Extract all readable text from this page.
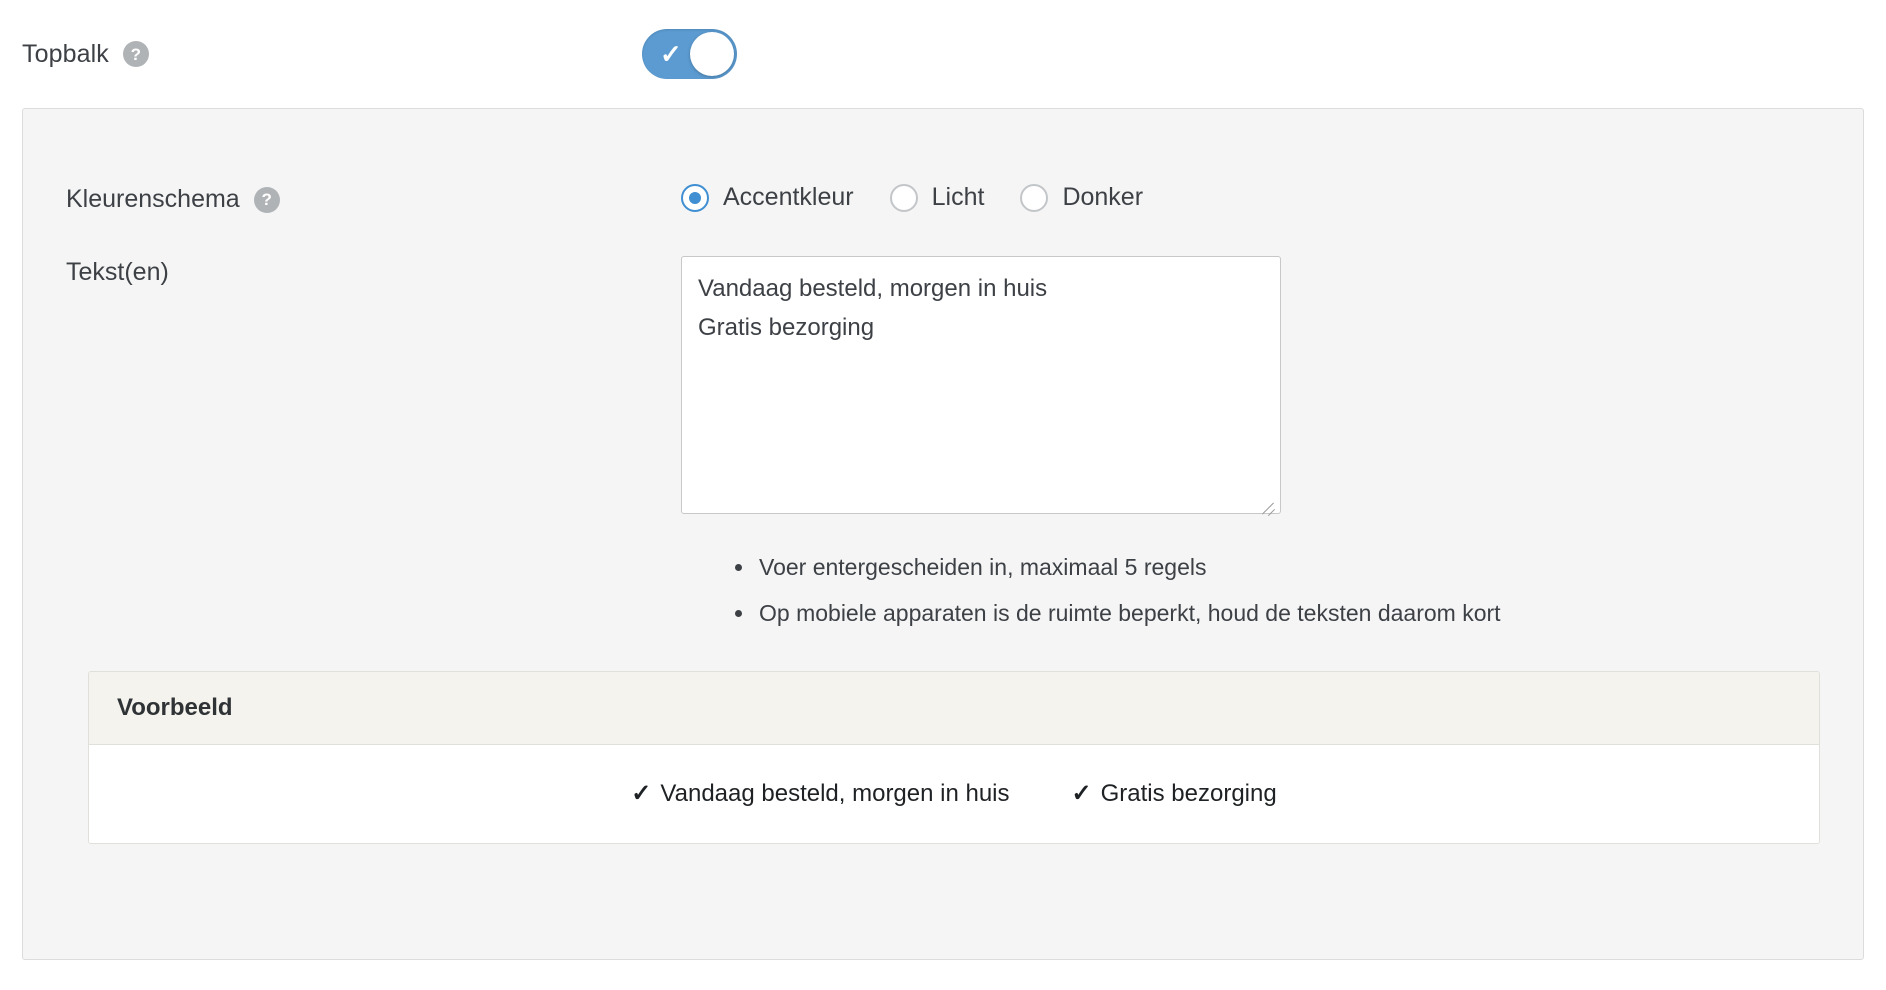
Topbalk	?	✓
Kleurenschema	?	Accentkleur	Licht	Donker
Tekst(en)
Vandaag besteld, morgen in huis Gratis bezorging
Voer entergescheiden in, maximaal 5 regels
Op mobiele apparaten is de ruimte beperkt, houd de teksten daarom kort
Voorbeeld
✓ Vandaag besteld, morgen in huis	✓ Gratis bezorging
